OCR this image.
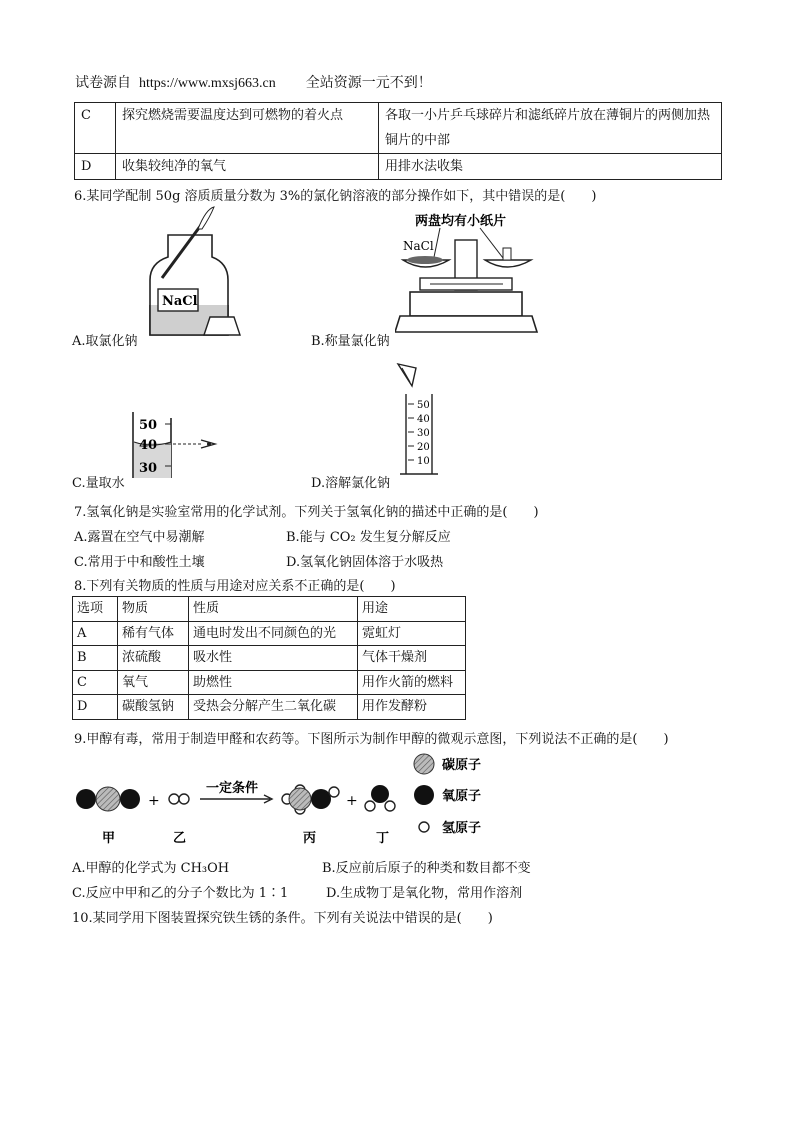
试卷源自 https://www.mxsj663.cn 全站资源一元不到！
C	探究燃烧需要温度达到可燃物的着火点	各取一小片乒乓球碎片和滤纸碎片放在薄铜片的两侧加热铜片的中部
D	收集较纯净的氧气	用排水法收集
6.某同学配制 50g 溶质质量分数为 3%的氯化钠溶液的部分操作如下，其中错误的是(　　)
NaCl
两盘均有小纸片
NaCl
A.取氯化钠	B.称量氯化钠
50
40
30
50
40
30
20
10
C.量取水	D.溶解氯化钠
7.氢氧化钠是实验室常用的化学试剂。下列关于氢氧化钠的描述中正确的是(　　)
A.露置在空气中易潮解	B.能与 CO₂ 发生复分解反应
C.常用于中和酸性土壤	D.氢氧化钠固体溶于水吸热
8.下列有关物质的性质与用途对应关系不正确的是(　　)
选项	物质	性质	用途
A	稀有气体	通电时发出不同颜色的光	霓虹灯
B	浓硫酸	吸水性	气体干燥剂
C	氧气	助燃性	用作火箭的燃料
D	碳酸氢钠	受热会分解产生二氧化碳	用作发酵粉
9.甲醇有毒，常用于制造甲醛和农药等。下图所示为制作甲醇的微观示意图，下列说法不正确的是(　　)
+
一定条件
+
甲	乙	丙	丁
碳原子
氧原子
氢原子
A.甲醇的化学式为 CH₃OH	B.反应前后原子的种类和数目都不变
C.反应中甲和乙的分子个数比为 1∶1	D.生成物丁是氧化物，常用作溶剂
10.某同学用下图装置探究铁生锈的条件。下列有关说法中错误的是(　　)
